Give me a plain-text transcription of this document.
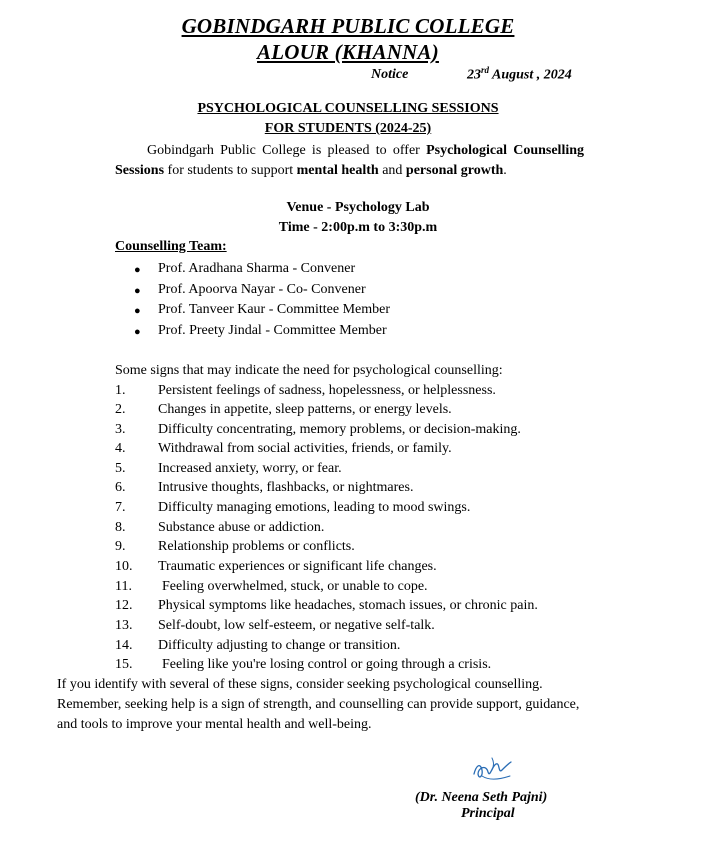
GOBINDGARH PUBLIC COLLEGE
ALOUR (KHANNA)
Notice	23rd August , 2024
PSYCHOLOGICAL COUNSELLING SESSIONS
FOR STUDENTS (2024-25)
Gobindgarh Public College is pleased to offer Psychological Counselling Sessions for students to support mental health and personal growth.
Venue - Psychology Lab
Time - 2:00p.m to 3:30p.m
Counselling Team:
● Prof. Aradhana Sharma - Convener
● Prof. Apoorva Nayar - Co- Convener
● Prof. Tanveer Kaur - Committee Member
● Prof. Preety Jindal - Committee Member
Some signs that may indicate the need for psychological counselling:
1. Persistent feelings of sadness, hopelessness, or helplessness.
2. Changes in appetite, sleep patterns, or energy levels.
3. Difficulty concentrating, memory problems, or decision-making.
4. Withdrawal from social activities, friends, or family.
5. Increased anxiety, worry, or fear.
6. Intrusive thoughts, flashbacks, or nightmares.
7. Difficulty managing emotions, leading to mood swings.
8. Substance abuse or addiction.
9. Relationship problems or conflicts.
10. Traumatic experiences or significant life changes.
11. Feeling overwhelmed, stuck, or unable to cope.
12. Physical symptoms like headaches, stomach issues, or chronic pain.
13. Self-doubt, low self-esteem, or negative self-talk.
14. Difficulty adjusting to change or transition.
15. Feeling like you're losing control or going through a crisis.
If you identify with several of these signs, consider seeking psychological counselling.
Remember, seeking help is a sign of strength, and counselling can provide support, guidance,
and tools to improve your mental health and well-being.
(Dr. Neena Seth Pajni)
Principal
